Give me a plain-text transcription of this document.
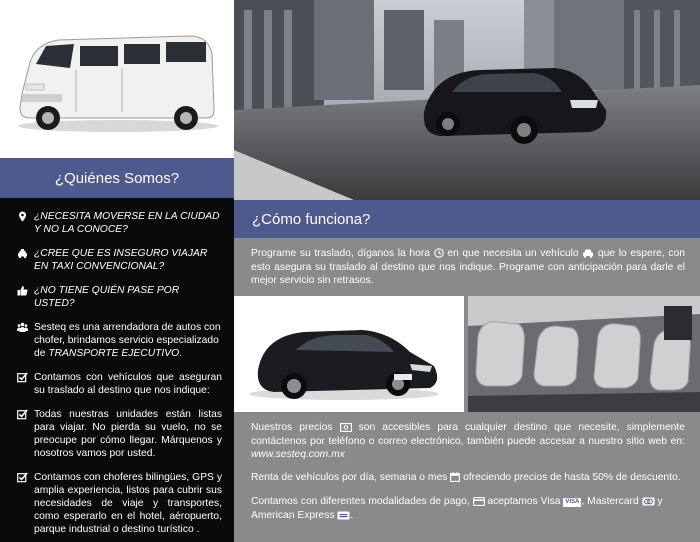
¿Quiénes Somos?
¿NECESITA MOVERSE EN LA CIUDAD Y NO LA CONOCE?
¿CREE QUE ES INSEGURO VIAJAR EN TAXI CONVENCIONAL?
¿NO TIENE QUIÉN PASE POR USTED?
Sesteq es una arrendadora de autos con chofer, brindamos servicio especializado de TRANSPORTE EJECUTIVO.
Contamos con vehículos que aseguran su traslado al destino que nos indique:
Todas nuestras unidades están listas para viajar. No pierda su vuelo, no se preocupe por cómo llegar. Márquenos y nosotros vamos por usted.
Contamos con choferes bilingües, GPS y amplia experiencia, listos para cubrir sus necesidades de viaje y transportes, como esperarlo en el hotel, aéropuerto, parque industrial o destino turístico .
¿Cómo funciona?

Programe su traslado, díganos la hora en que necesita un vehículo que lo espere, con esto asegura su traslado al destino que nos indique. Programe con anticipación para darle el mejor servicio sin retrasos.

Nuestros precios	son accesibles para cualquier destino que necesite, simplemente contáctenos por teléfono o correo electrónico, también puede accesar a nuestro sitio web en: www.sesteq.com.mx

Renta de vehículos por día, semana o mes ofreciendo precios de hasta 50% de descuento.

Contamos con diferentes modalidades de pago, aceptamos Visa VISA , Mastercard y American Express .
